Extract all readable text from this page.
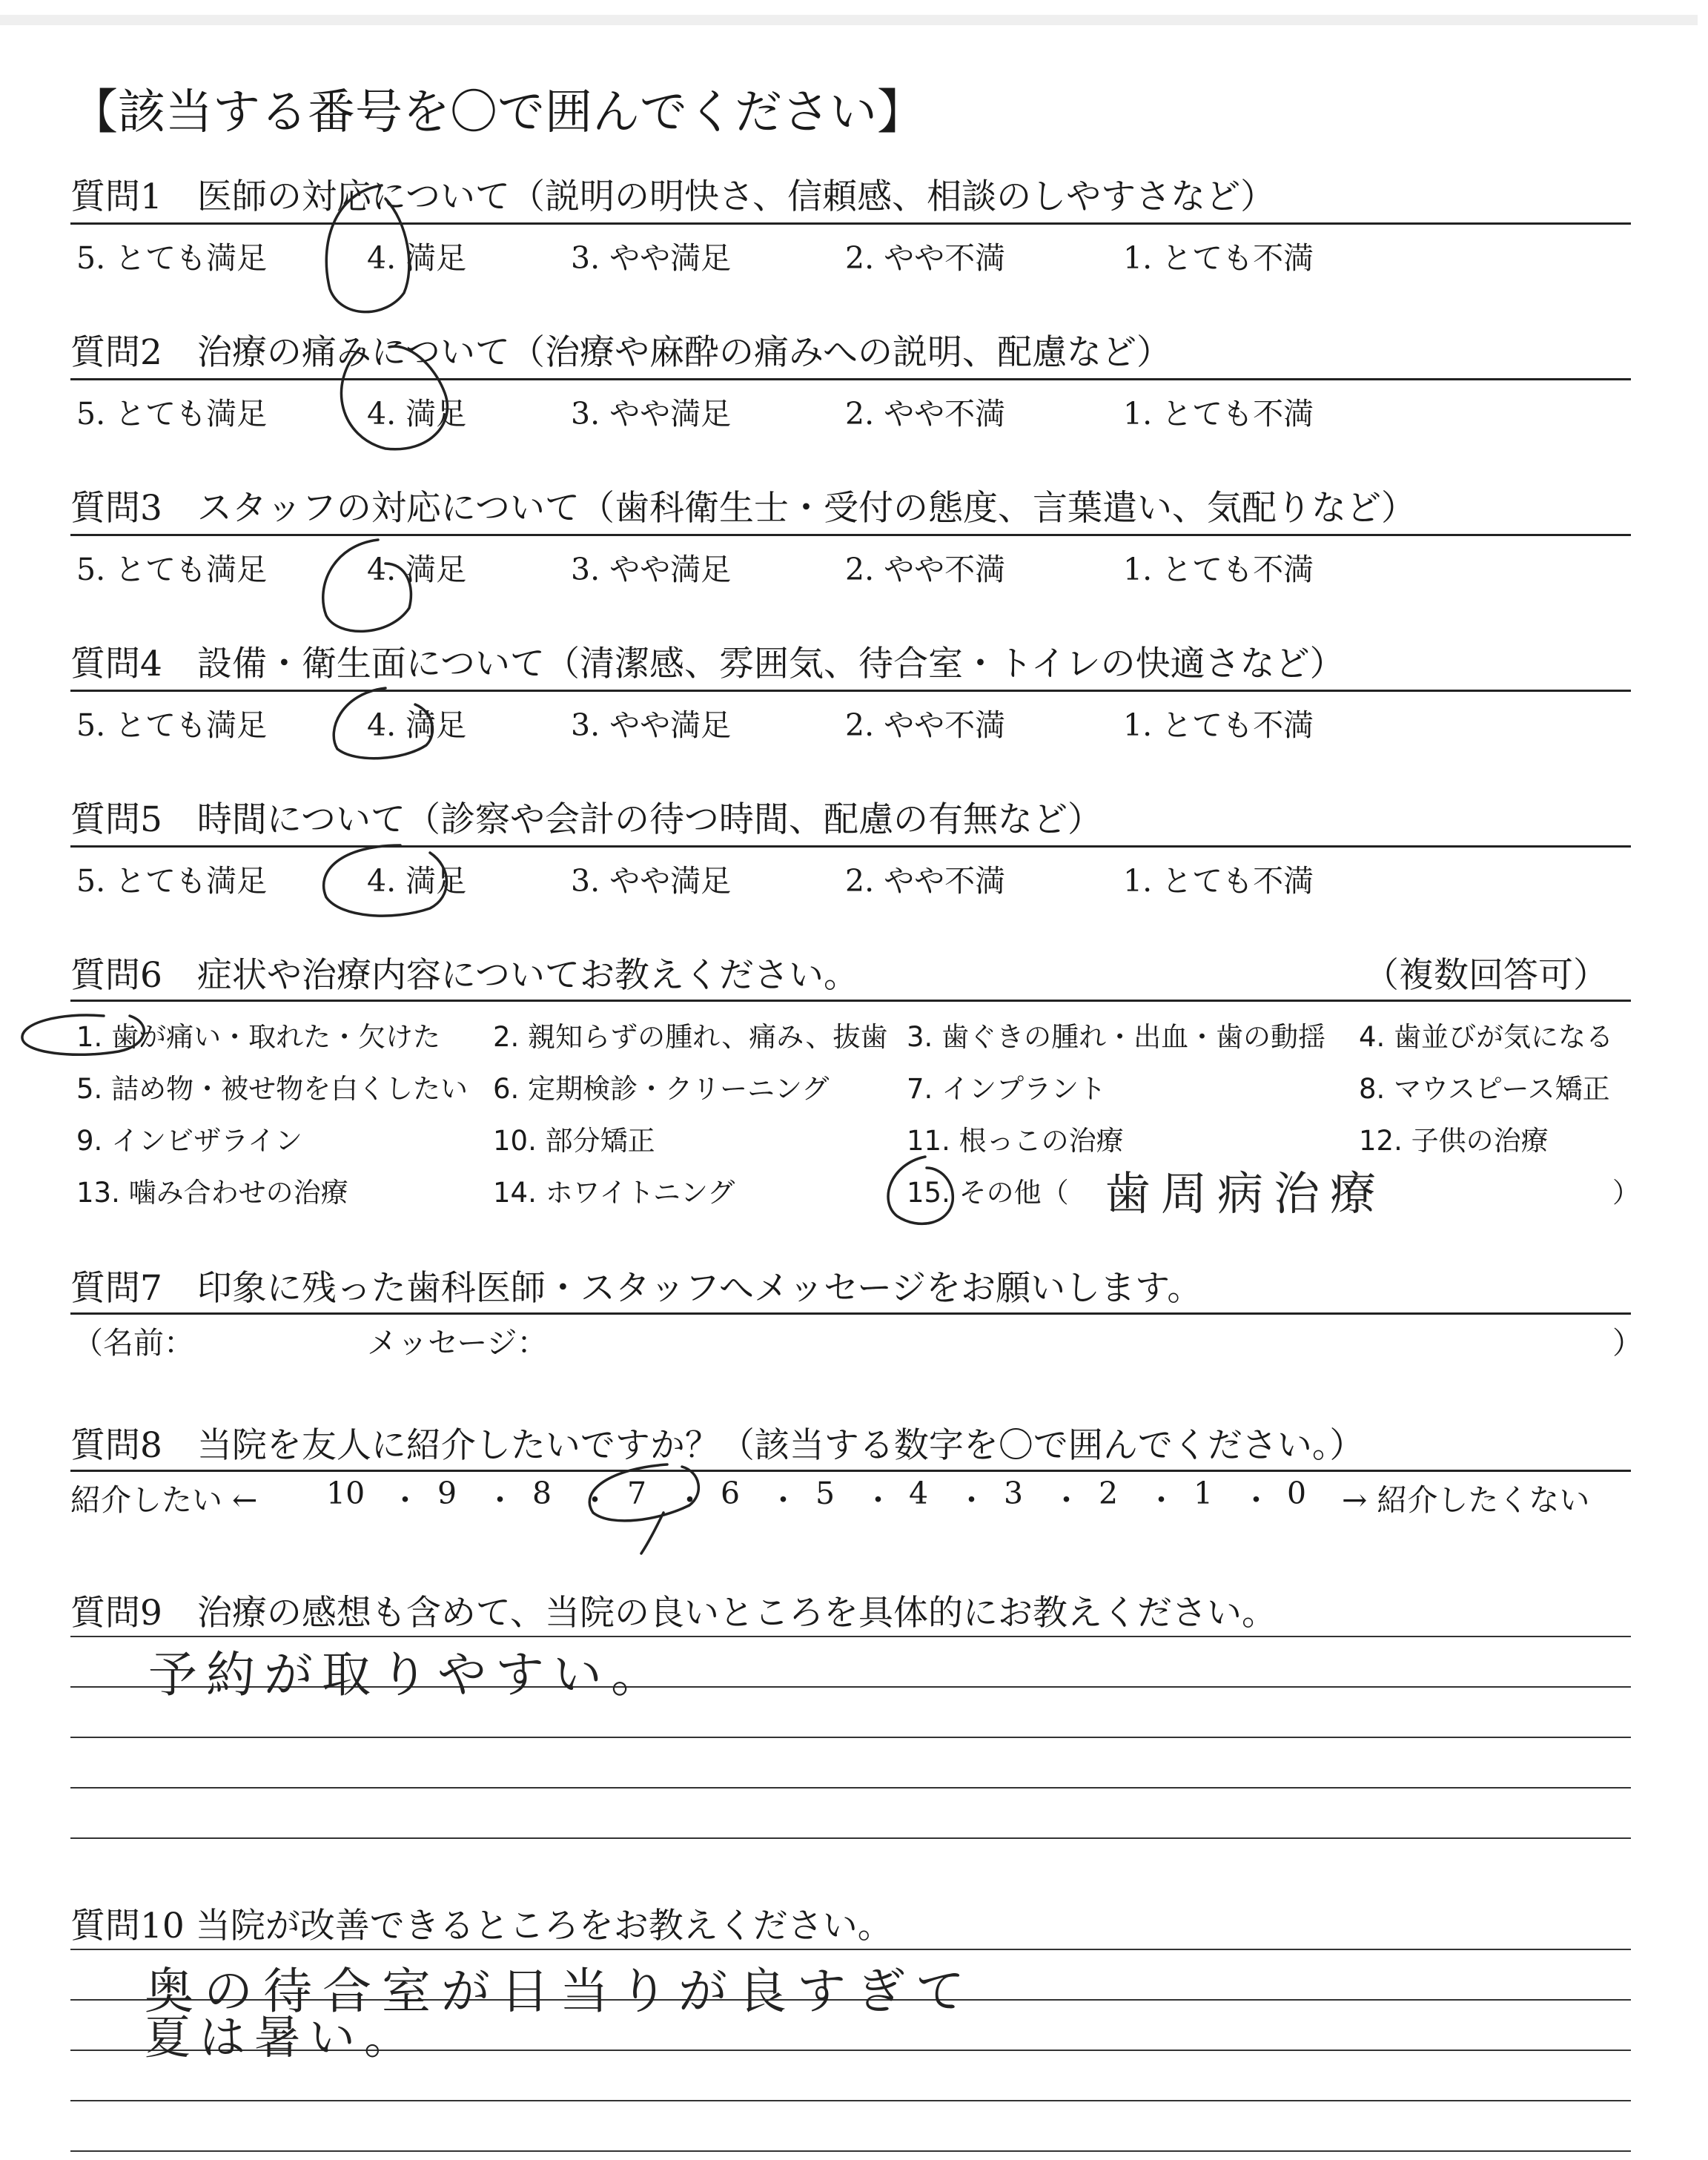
【該当する番号を〇で囲んでください】
質問1　医師の対応について（説明の明快さ、信頼感、相談のしやすさなど）
5. とても満足	4. 満足	3. やや満足	2. やや不満	1. とても不満
質問2　治療の痛みについて（治療や麻酔の痛みへの説明、配慮など）
5. とても満足	4. 満足	3. やや満足	2. やや不満	1. とても不満
質問3　スタッフの対応について（歯科衛生士・受付の態度、言葉遣い、気配りなど）
5. とても満足	4. 満足	3. やや満足	2. やや不満	1. とても不満
質問4　設備・衛生面について（清潔感、雰囲気、待合室・トイレの快適さなど）
5. とても満足	4. 満足	3. やや満足	2. やや不満	1. とても不満
質問5　時間について（診察や会計の待つ時間、配慮の有無など）
5. とても満足	4. 満足	3. やや満足	2. やや不満	1. とても不満
質問6　症状や治療内容についてお教えください。	（複数回答可）
1. 歯が痛い・取れた・欠けた 2. 親知らずの腫れ、痛み、抜歯 3. 歯ぐきの腫れ・出血・歯の動揺 4. 歯並びが気になる
5. 詰め物・被せ物を白くしたい 6. 定期検診・クリーニング	7. インプラント	8. マウスピース矯正
9. インビザライン	10. 部分矯正	11. 根っこの治療	12. 子供の治療
13. 噛み合わせの治療	14. ホワイトニング	15. その他（ 歯周病治療	）
質問7　印象に残った歯科医師・スタッフへメッセージをお願いします。
（名前：	メッセージ：	）
質問8　当院を友人に紹介したいですか？（該当する数字を〇で囲んでください。）
紹介したい ← 10 ・ 9 ・ 8 ・ 7 ・ 6 ・ 5 ・ 4 ・ 3 ・ 2 ・ 1 ・ 0 → 紹介したくない
質問9　治療の感想も含めて、当院の良いところを具体的にお教えください。
予約が取りやすい。
質問10 当院が改善できるところをお教えください。
奥の待合室が日当りが良すぎて
夏は暑い。
